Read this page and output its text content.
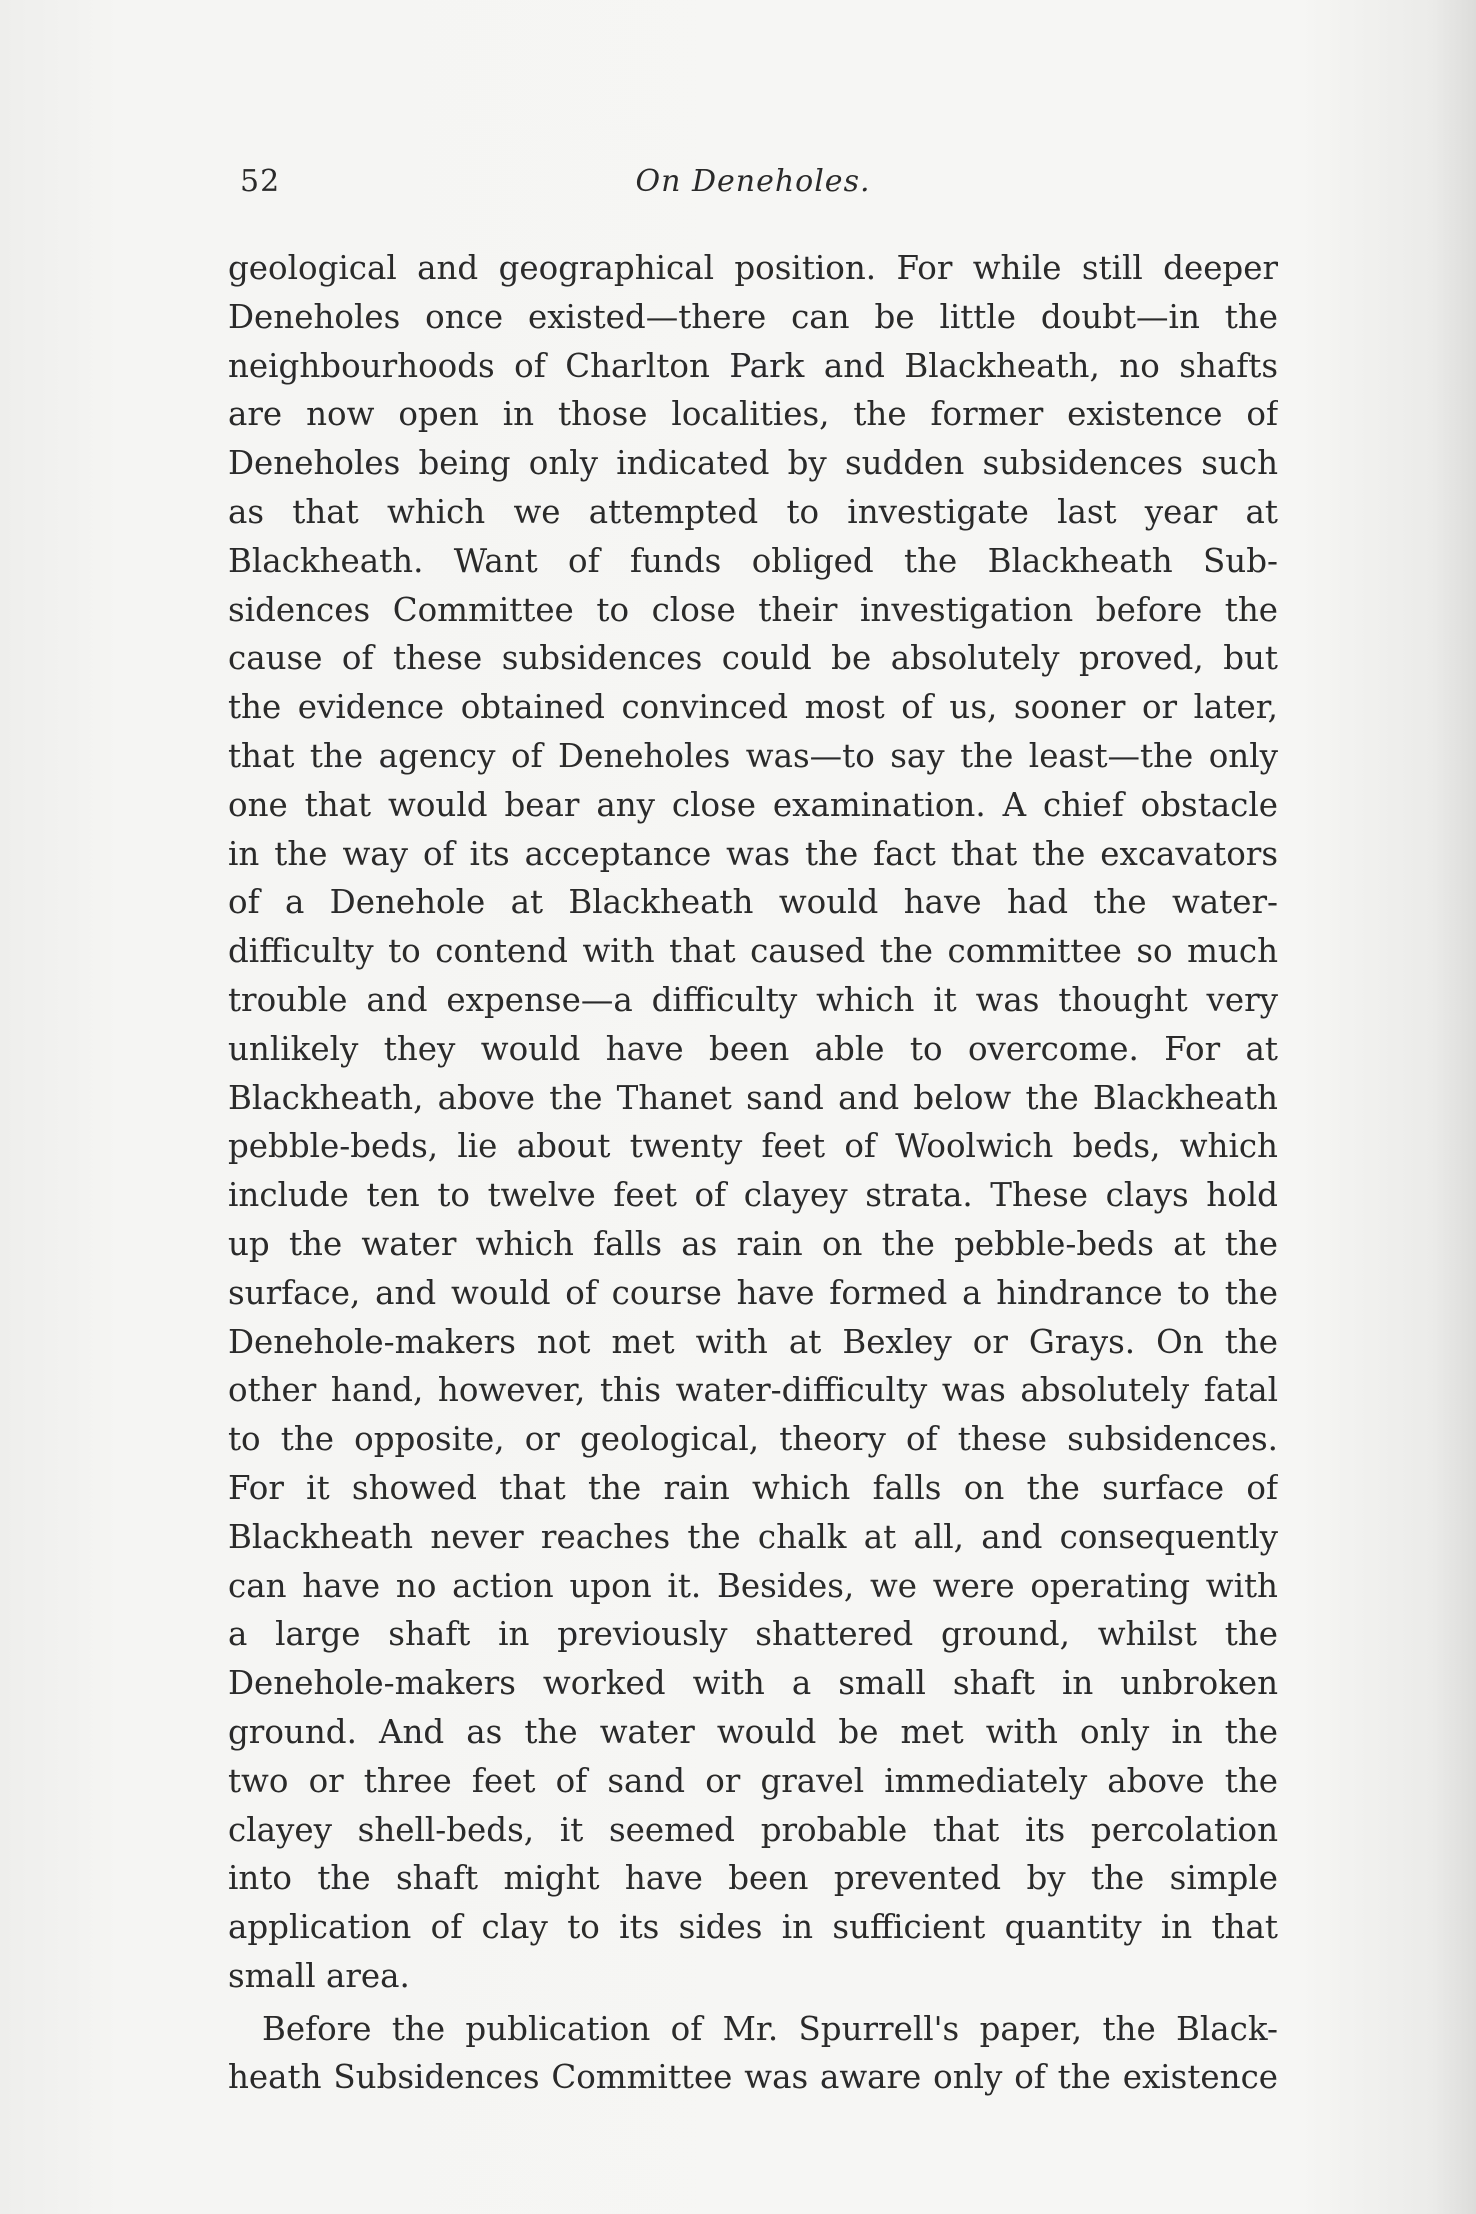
52	On Deneholes.
geological and geographical position. For while still deeper
Deneholes once existed—there can be little doubt—in the
neighbourhoods of Charlton Park and Blackheath, no shafts
are now open in those localities, the former existence of
Deneholes being only indicated by sudden subsidences such
as that which we attempted to investigate last year at
Blackheath. Want of funds obliged the Blackheath Sub-
sidences Committee to close their investigation before the
cause of these subsidences could be absolutely proved, but
the evidence obtained convinced most of us, sooner or later,
that the agency of Deneholes was—to say the least—the only
one that would bear any close examination. A chief obstacle
in the way of its acceptance was the fact that the excavators
of a Denehole at Blackheath would have had the water-
difficulty to contend with that caused the committee so much
trouble and expense—a difficulty which it was thought very
unlikely they would have been able to overcome. For at
Blackheath, above the Thanet sand and below the Blackheath
pebble-beds, lie about twenty feet of Woolwich beds, which
include ten to twelve feet of clayey strata. These clays hold
up the water which falls as rain on the pebble-beds at the
surface, and would of course have formed a hindrance to the
Denehole-makers not met with at Bexley or Grays. On the
other hand, however, this water-difficulty was absolutely fatal
to the opposite, or geological, theory of these subsidences.
For it showed that the rain which falls on the surface of
Blackheath never reaches the chalk at all, and consequently
can have no action upon it. Besides, we were operating with
a large shaft in previously shattered ground, whilst the
Denehole-makers worked with a small shaft in unbroken
ground. And as the water would be met with only in the
two or three feet of sand or gravel immediately above the
clayey shell-beds, it seemed probable that its percolation
into the shaft might have been prevented by the simple
application of clay to its sides in sufficient quantity in that
small area.
Before the publication of Mr. Spurrell's paper, the Black-
heath Subsidences Committee was aware only of the existence
